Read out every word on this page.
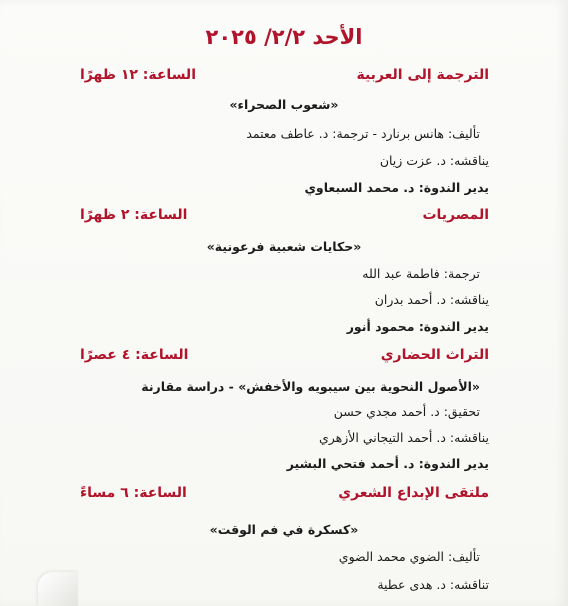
الأحد ٢/٢/ ٢٠٢٥
الترجمة إلى العربية
الساعة: ١٢ ظهرًا
«شعوب الصحراء»
تأليف: هانس برنارد - ترجمة: د. عاطف معتمد
يناقشه: د. عزت زيان
يدير الندوة: د. محمد السبعاوي
المصريات
الساعة: ٢ ظهرًا
«حكايات شعبية فرعونية»
ترجمة: فاطمة عبد الله
يناقشه: د. أحمد بدران
يدير الندوة: محمود أنور
التراث الحضاري
الساعة: ٤ عصرًا
«الأصول النحوية بين سيبويه والأخفش» - دراسة مقارنة
تحقيق: د. أحمد مجدي حسن
يناقشه: د. أحمد التيجاني الأزهري
يدير الندوة: د. أحمد فتحي البشير
ملتقى الإبداع الشعري
الساعة: ٦ مساءً
«كسكرة في فم الوقت»
تأليف: الضوي محمد الضوي
تناقشه: د. هدى عطية
